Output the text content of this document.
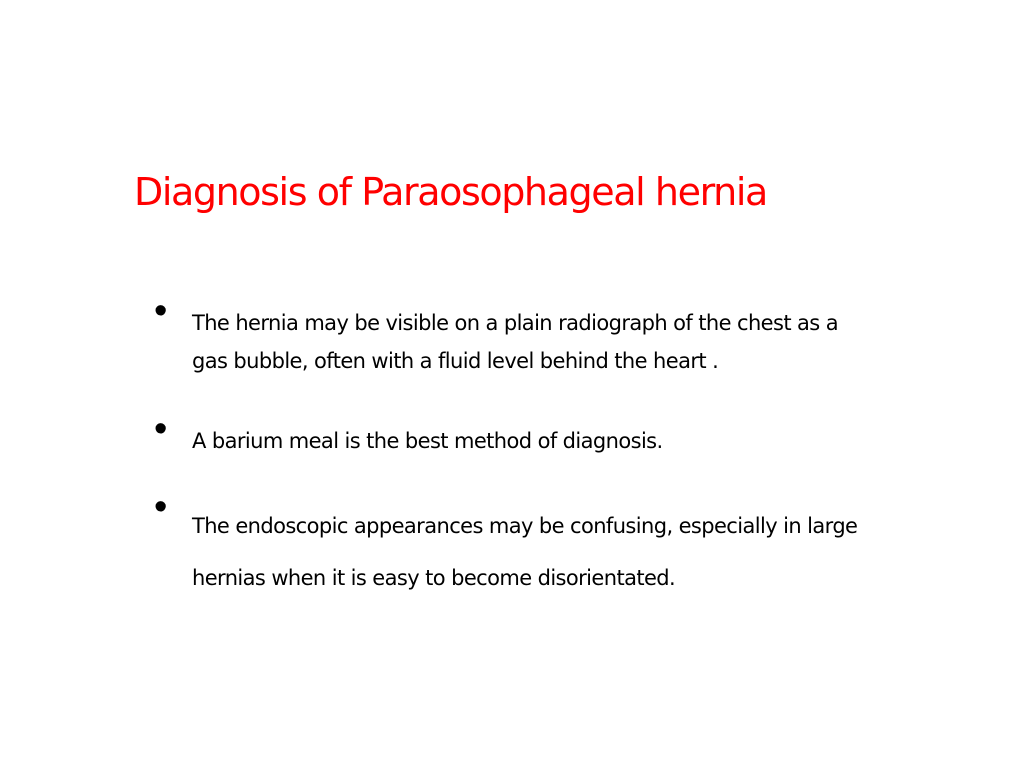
Diagnosis of Paraosophageal hernia
• The hernia may be visible on a plain radiograph of the chest as a
gas bubble, often with a fluid level behind the heart .

• A barium meal is the best method of diagnosis.

• The endoscopic appearances may be confusing, especially in large
hernias when it is easy to become disorientated.
